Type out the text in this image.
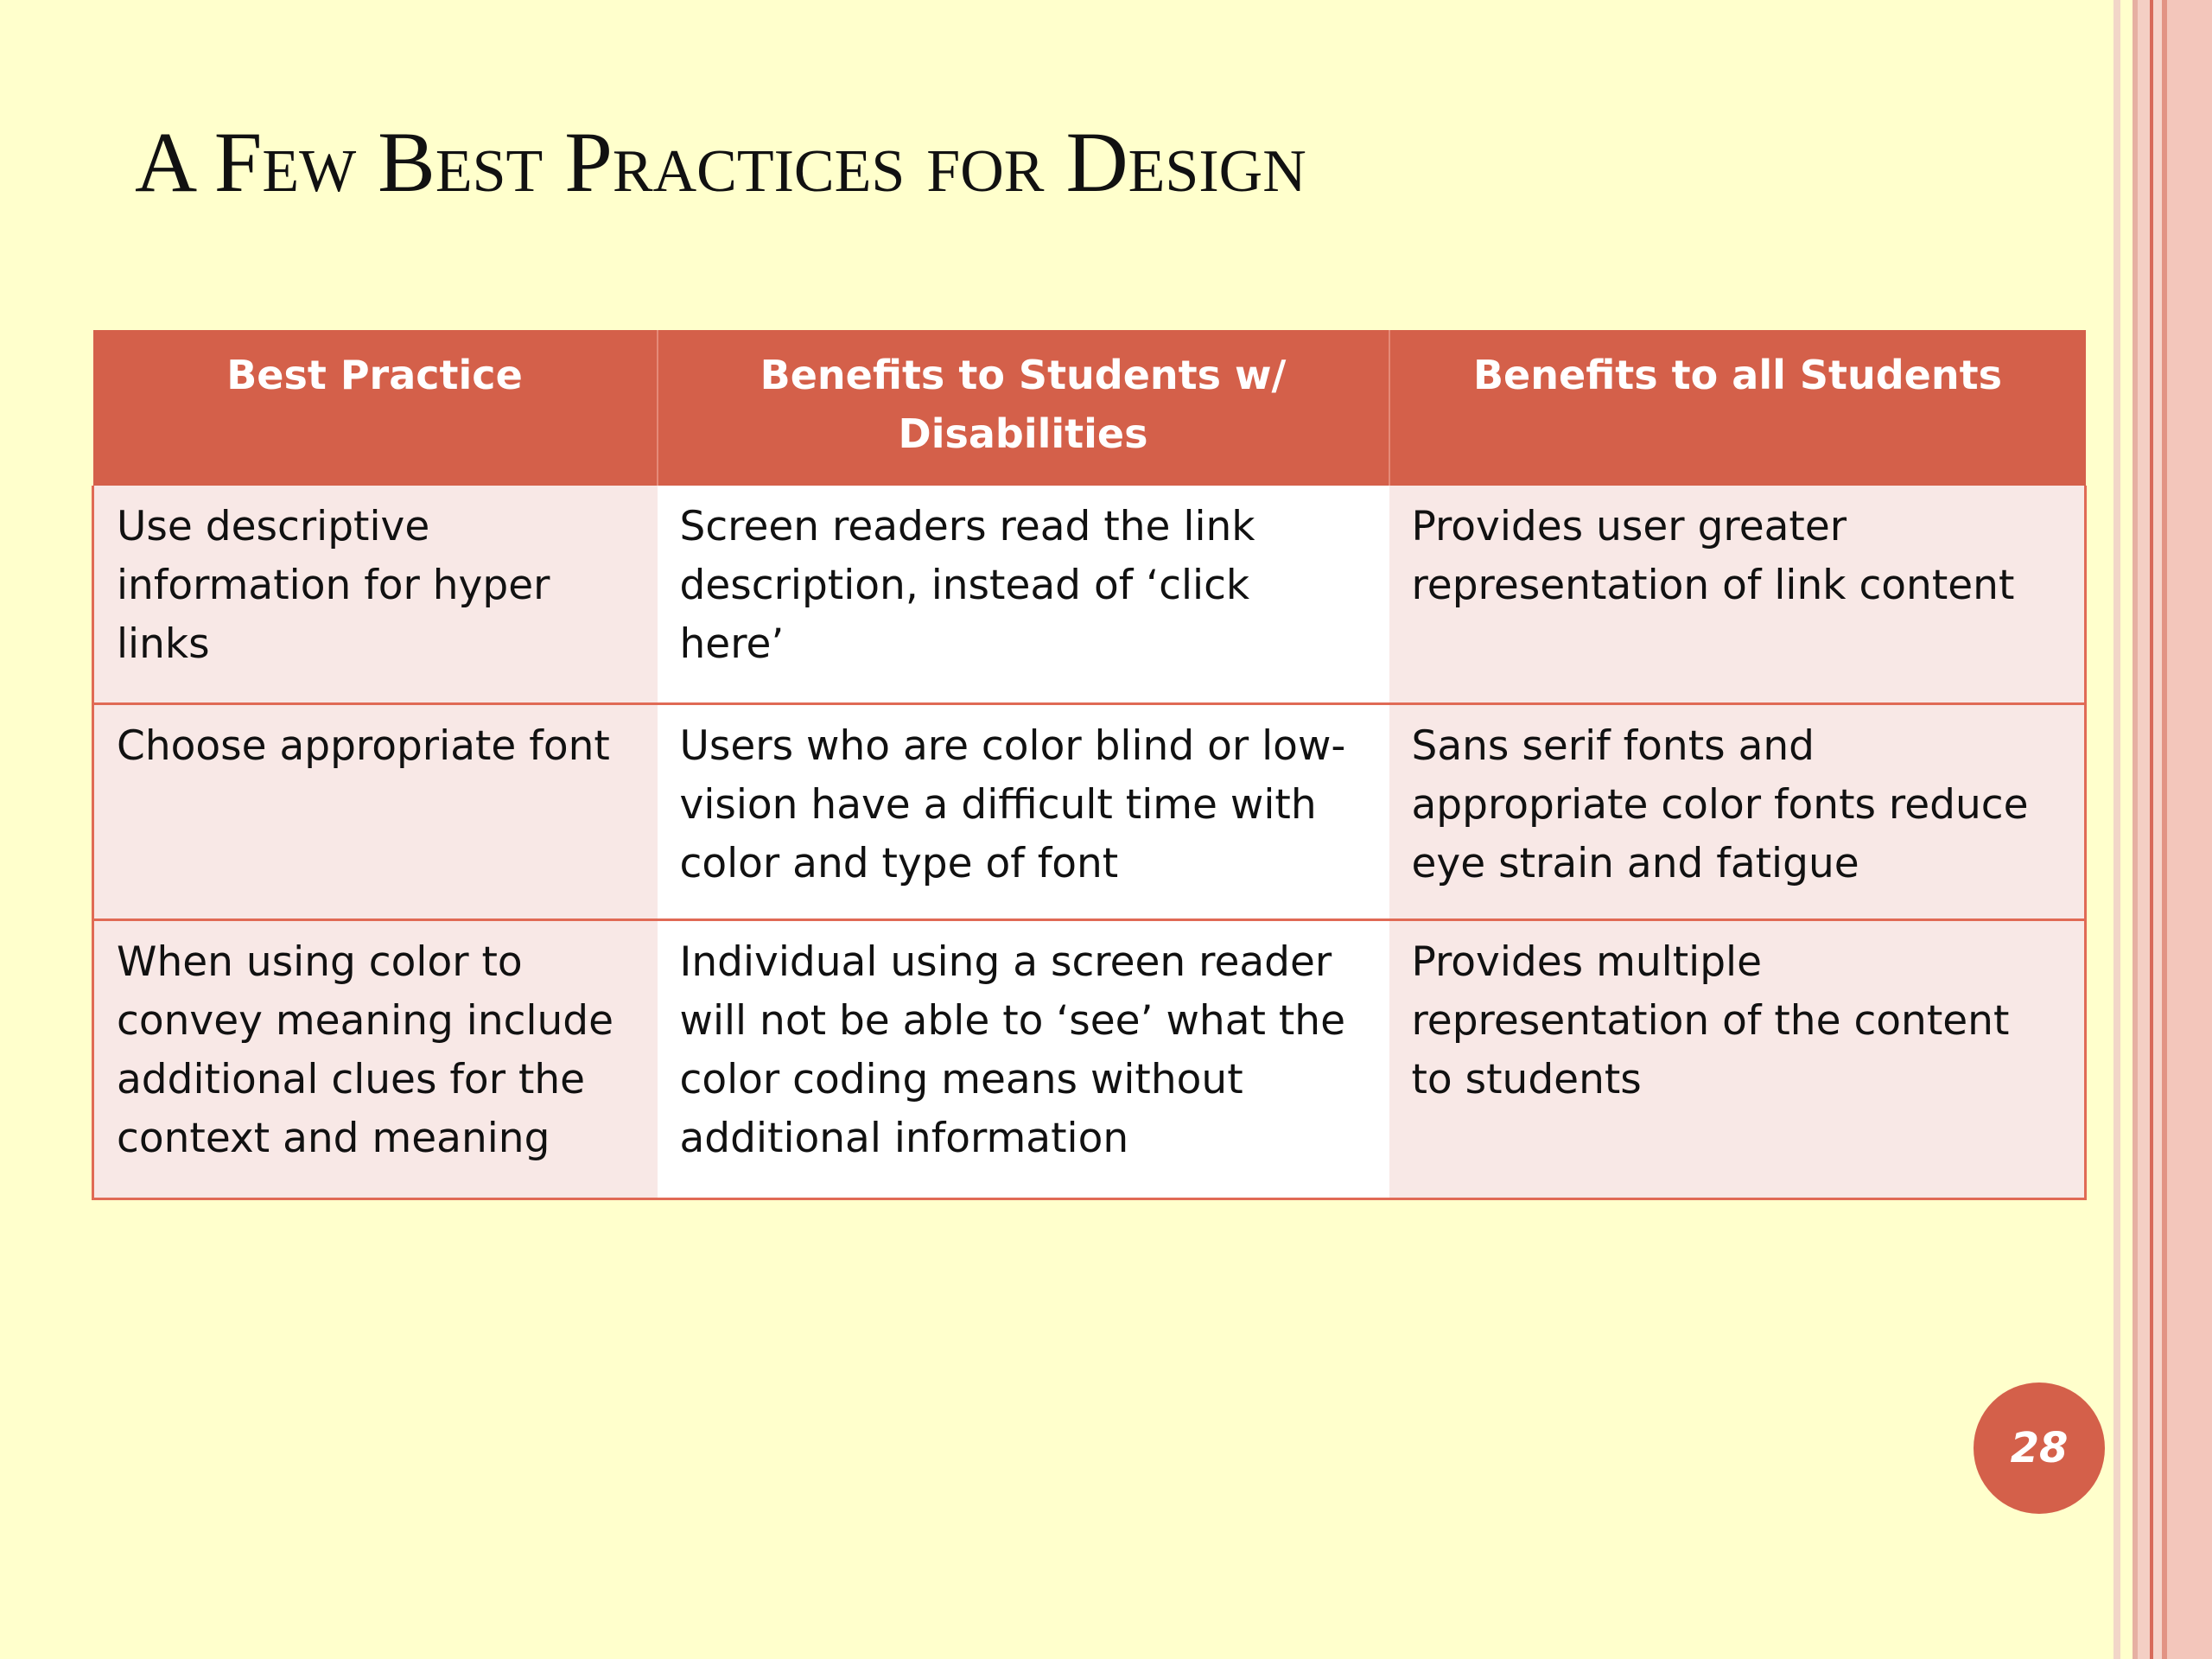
A Few Best Practices for Design
Best Practice	Benefits to Students w/ Disabilities	Benefits to all Students
Use descriptive information for hyper links	Screen readers read the link description, instead of ‘click here’	Provides user greater representation of link content
Choose appropriate font	Users who are color blind or low-vision have a difficult time with color and type of font	Sans serif fonts and appropriate color fonts reduce eye strain and fatigue
When using color to convey meaning include additional clues for the context and meaning	Individual using a screen reader will not be able to ‘see’ what the color coding means without additional information	Provides multiple representation of the content to students
28
